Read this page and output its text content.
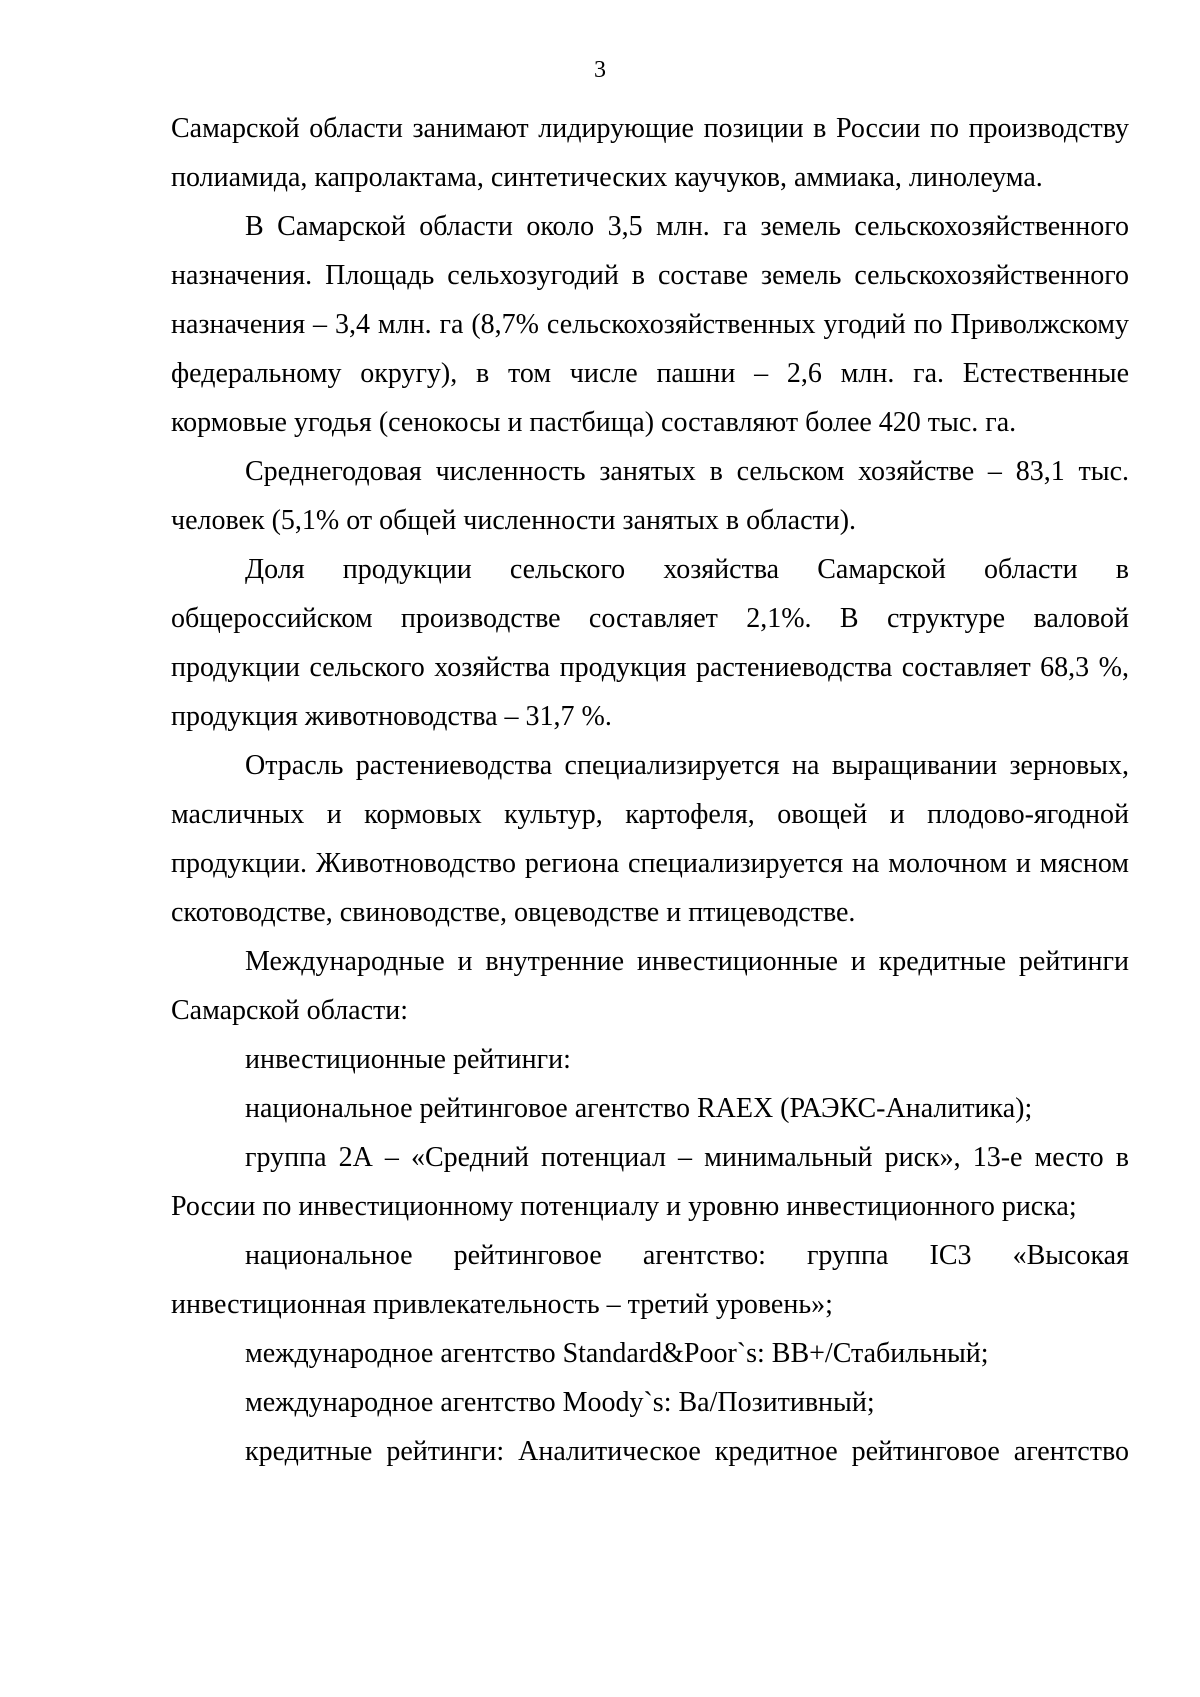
3

Самарской области занимают лидирующие позиции в России по производству полиамида, капролактама, синтетических каучуков, аммиака, линолеума.

В Самарской области около 3,5 млн. га земель сельскохозяйственного назначения. Площадь сельхозугодий в составе земель сельскохозяйственного назначения – 3,4 млн. га (8,7% сельскохозяйственных угодий по Приволжскому федеральному округу), в том числе пашни – 2,6 млн. га. Естественные кормовые угодья (сенокосы и пастбища) составляют более 420 тыс. га.

Среднегодовая численность занятых в сельском хозяйстве – 83,1 тыс. человек (5,1% от общей численности занятых в области).

Доля продукции сельского хозяйства Самарской области в общероссийском производстве составляет 2,1%. В структуре валовой продукции сельского хозяйства продукция растениеводства составляет 68,3 %, продукция животноводства – 31,7 %.

Отрасль растениеводства специализируется на выращивании зерновых, масличных и кормовых культур, картофеля, овощей и плодово-ягодной продукции. Животноводство региона специализируется на молочном и мясном скотоводстве, свиноводстве, овцеводстве и птицеводстве.

Международные и внутренние инвестиционные и кредитные рейтинги Самарской области:

инвестиционные рейтинги:

национальное рейтинговое агентство RAEX (РАЭКС-Аналитика);

группа 2А – «Средний потенциал – минимальный риск», 13-е место в России по инвестиционному потенциалу и уровню инвестиционного риска;

национальное рейтинговое агентство: группа IC3 «Высокая инвестиционная привлекательность – третий уровень»;

международное агентство Standard&Poor`s: BB+/Стабильный;

международное агентство Moody`s: Ba/Позитивный;

кредитные рейтинги: Аналитическое кредитное рейтинговое агентство
